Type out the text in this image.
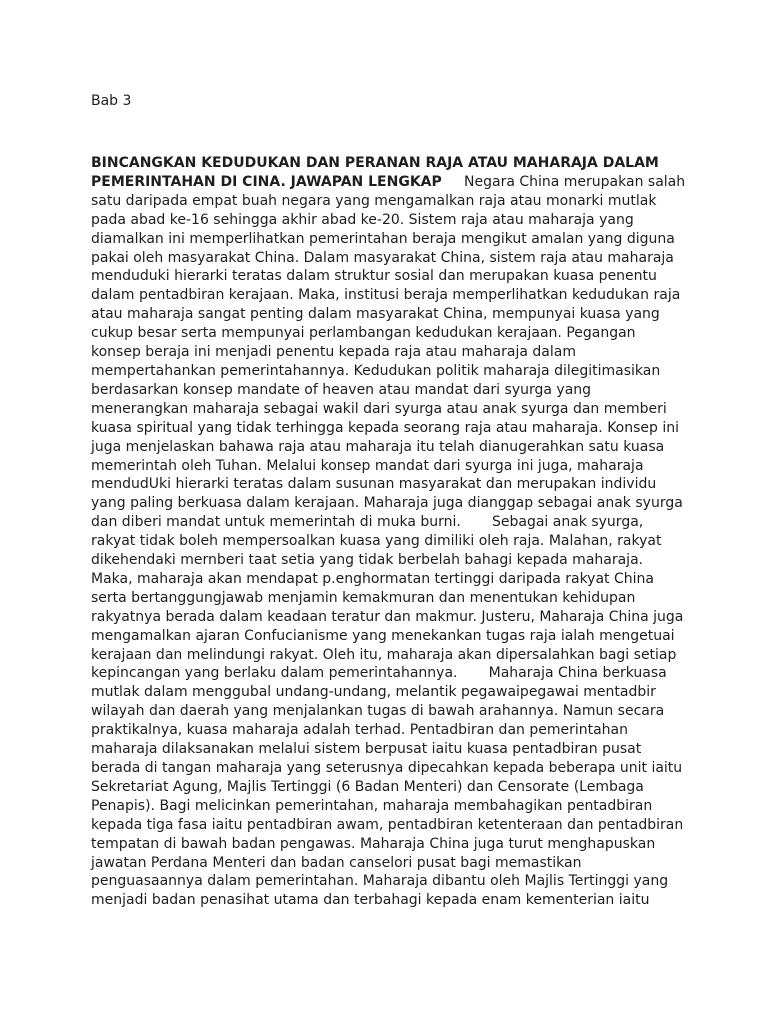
Bab 3
BINCANGKAN KEDUDUKAN DAN PERANAN RAJA ATAU MAHARAJA DALAM
PEMERINTAHAN DI CINA. JAWAPAN LENGKAP     Negara China merupakan salah
satu daripada empat buah negara yang mengamalkan raja atau monarki mutlak
pada abad ke-16 sehingga akhir abad ke-20. Sistem raja atau maharaja yang
diamalkan ini memperlihatkan pemerintahan beraja mengikut amalan yang diguna
pakai oleh masyarakat China. Dalam masyarakat China, sistem raja atau maharaja
menduduki hierarki teratas dalam struktur sosial dan merupakan kuasa penentu
dalam pentadbiran kerajaan. Maka, institusi beraja memperlihatkan kedudukan raja
atau maharaja sangat penting dalam masyarakat China, mempunyai kuasa yang
cukup besar serta mempunyai perlambangan kedudukan kerajaan. Pegangan
konsep beraja ini menjadi penentu kepada raja atau maharaja dalam
mempertahankan pemerintahannya. Kedudukan politik maharaja dilegitimasikan
berdasarkan konsep mandate of heaven atau mandat dari syurga yang
menerangkan maharaja sebagai wakil dari syurga atau anak syurga dan memberi
kuasa spiritual yang tidak terhingga kepada seorang raja atau maharaja. Konsep ini
juga menjelaskan bahawa raja atau maharaja itu telah dianugerahkan satu kuasa
memerintah oleh Tuhan. Melalui konsep mandat dari syurga ini juga, maharaja
mendudUki hierarki teratas dalam susunan masyarakat dan merupakan individu
yang paling berkuasa dalam kerajaan. Maharaja juga dianggap sebagai anak syurga
dan diberi mandat untuk memerintah di muka burni.       Sebagai anak syurga,
rakyat tidak boleh mempersoalkan kuasa yang dimiliki oleh raja. Malahan, rakyat
dikehendaki mernberi taat setia yang tidak berbelah bahagi kepada maharaja.
Maka, maharaja akan mendapat p.enghormatan tertinggi daripada rakyat China
serta bertanggungjawab menjamin kemakmuran dan menentukan kehidupan
rakyatnya berada dalam keadaan teratur dan makmur. Justeru, Maharaja China juga
mengamalkan ajaran Confucianisme yang menekankan tugas raja ialah mengetuai
kerajaan dan melindungi rakyat. Oleh itu, maharaja akan dipersalahkan bagi setiap
kepincangan yang berlaku dalam pemerintahannya.       Maharaja China berkuasa
mutlak dalam menggubal undang-undang, melantik pegawaipegawai mentadbir
wilayah dan daerah yang menjalankan tugas di bawah arahannya. Namun secara
praktikalnya, kuasa maharaja adalah terhad. Pentadbiran dan pemerintahan
maharaja dilaksanakan melalui sistem berpusat iaitu kuasa pentadbiran pusat
berada di tangan maharaja yang seterusnya dipecahkan kepada beberapa unit iaitu
Sekretariat Agung, Majlis Tertinggi (6 Badan Menteri) dan Censorate (Lembaga
Penapis). Bagi melicinkan pemerintahan, maharaja membahagikan pentadbiran
kepada tiga fasa iaitu pentadbiran awam, pentadbiran ketenteraan dan pentadbiran
tempatan di bawah badan pengawas. Maharaja China juga turut menghapuskan
jawatan Perdana Menteri dan badan canselori pusat bagi memastikan
penguasaannya dalam pemerintahan. Maharaja dibantu oleh Majlis Tertinggi yang
menjadi badan penasihat utama dan terbahagi kepada enam kementerian iaitu
